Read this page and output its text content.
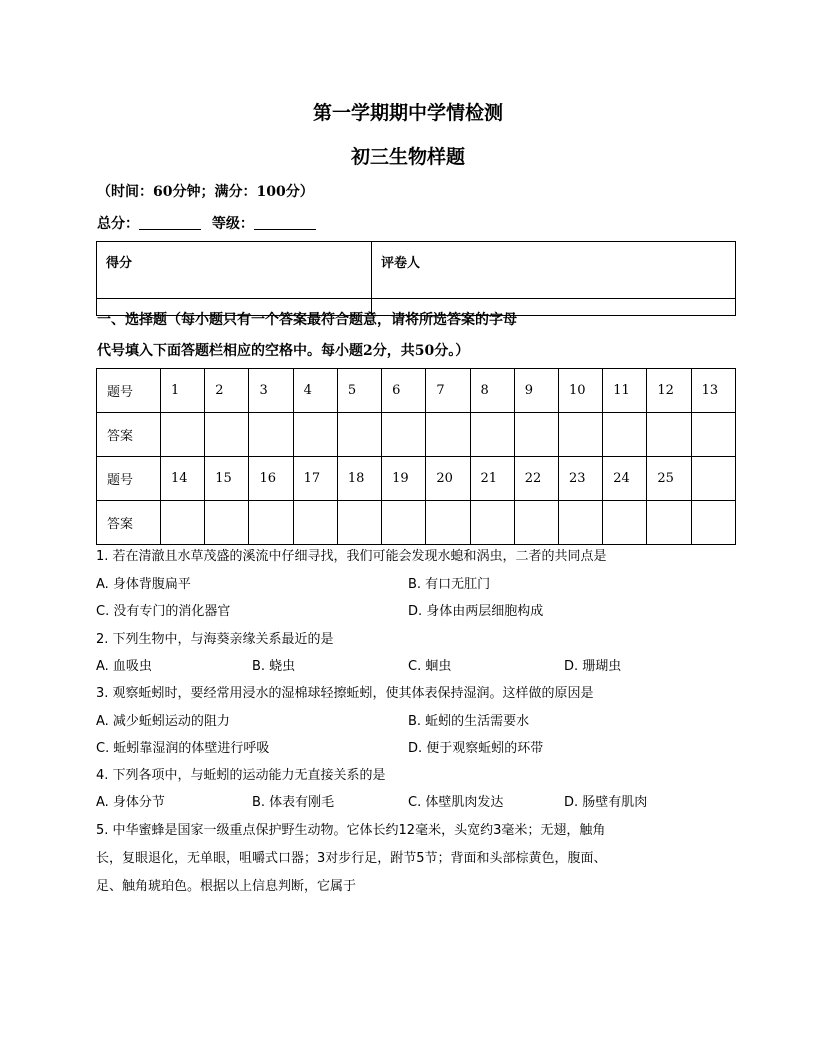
第一学期期中学情检测
初三生物样题
（时间：60分钟；满分：100分）
总分：	等级：
得分	评卷人

一、选择题（每小题只有一个答案最符合题意，请将所选答案的字母
代号填入下面答题栏相应的空格中。每小题2分，共50分。）
题号	1	2	3	4	5	6	7	8	9	10	11	12	13
答案													
题号	14	15	16	17	18	19	20	21	22	23	24	25	
答案													
1. 若在清澈且水草茂盛的溪流中仔细寻找，我们可能会发现水螅和涡虫，二者的共同点是
A. 身体背腹扁平	B. 有口无肛门
C. 没有专门的消化器官	D. 身体由两层细胞构成
2. 下列生物中，与海葵亲缘关系最近的是
A. 血吸虫	B. 蛲虫	C. 蛔虫	D. 珊瑚虫
3. 观察蚯蚓时，要经常用浸水的湿棉球轻擦蚯蚓，使其体表保持湿润。这样做的原因是
A. 减少蚯蚓运动的阻力	B. 蚯蚓的生活需要水
C. 蚯蚓靠湿润的体壁进行呼吸	D. 便于观察蚯蚓的环带
4. 下列各项中，与蚯蚓的运动能力无直接关系的是
A. 身体分节	B. 体表有刚毛	C. 体壁肌肉发达	D. 肠壁有肌肉
5. 中华蜜蜂是国家一级重点保护野生动物。它体长约12毫米，头宽约3毫米；无翅，触角
长，复眼退化，无单眼，咀嚼式口器；3对步行足，跗节5节；背面和头部棕黄色，腹面、
足、触角琥珀色。根据以上信息判断，它属于
